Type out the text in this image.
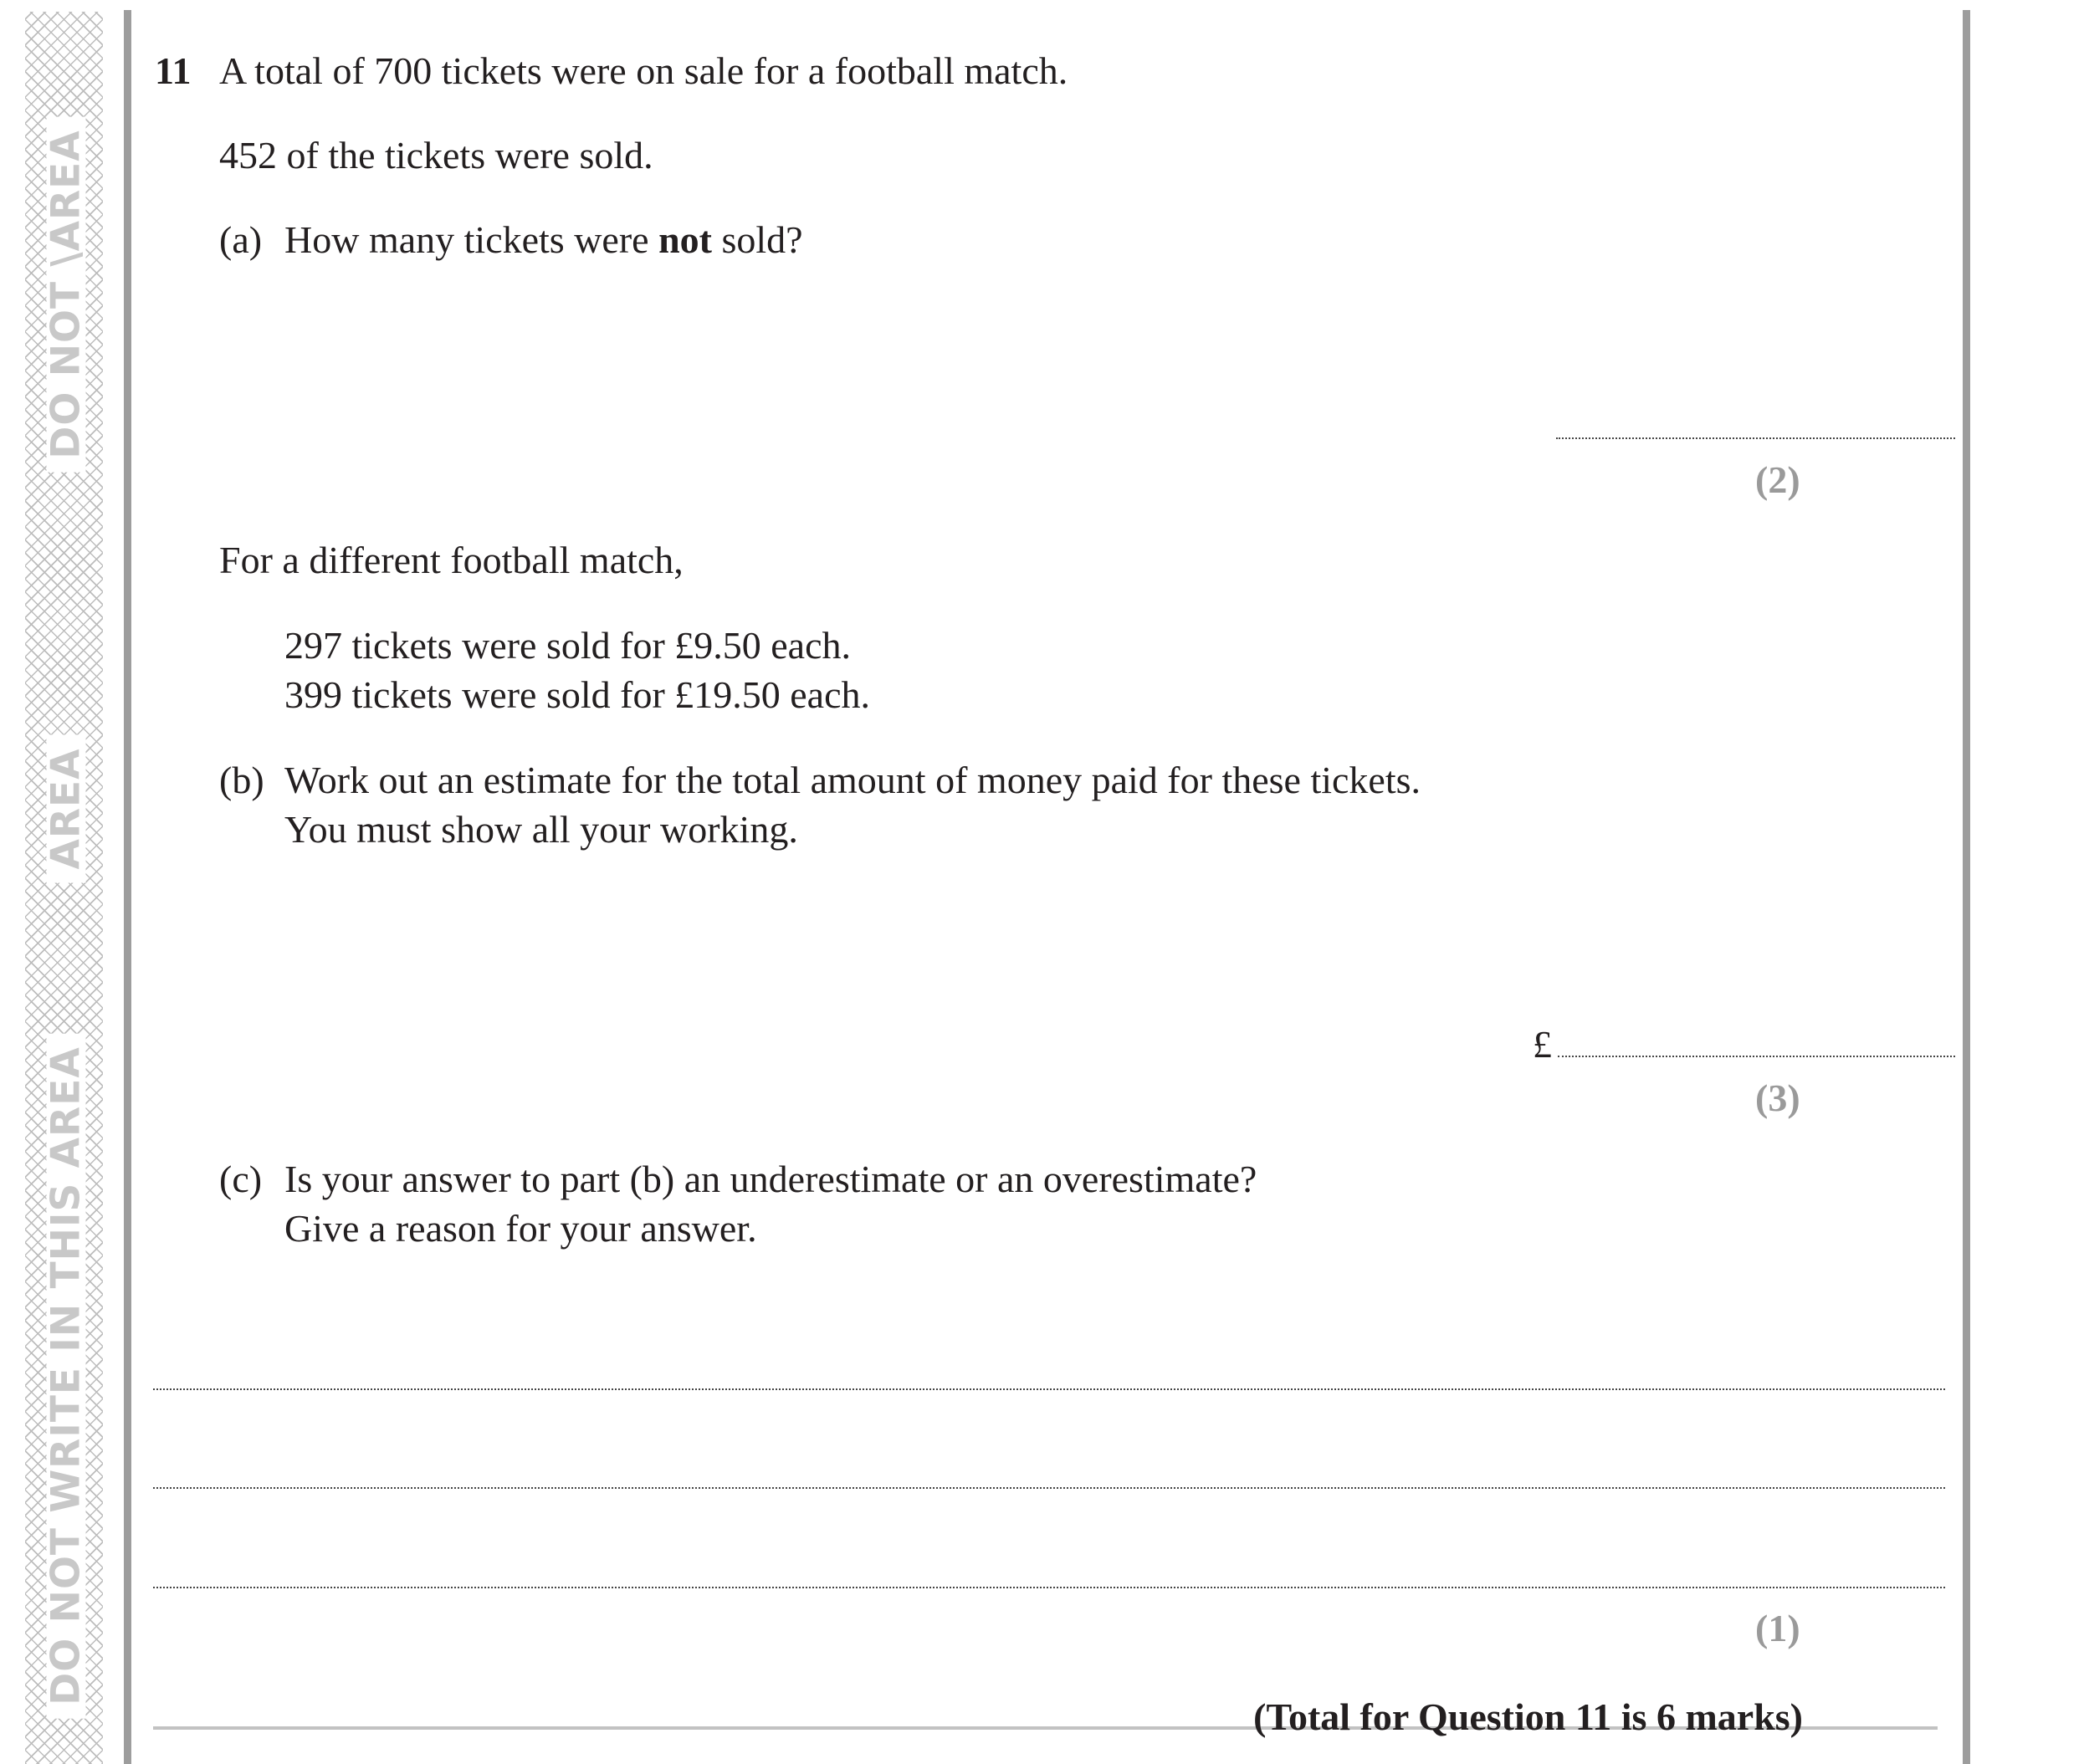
DO NOT WRITE IN THIS AREA
AREA
DO NOT \AREA
11 A total of 700 tickets were on sale for a football match.
452 of the tickets were sold.
(a) How many tickets were not sold?
(2)
For a different football match,
297 tickets were sold for £9.50 each.
399 tickets were sold for £19.50 each.
(b) Work out an estimate for the total amount of money paid for these tickets.
You must show all your working.
£
(3)
(c) Is your answer to part (b) an underestimate or an overestimate?
Give a reason for your answer.
(1)
(Total for Question 11 is 6 marks)
